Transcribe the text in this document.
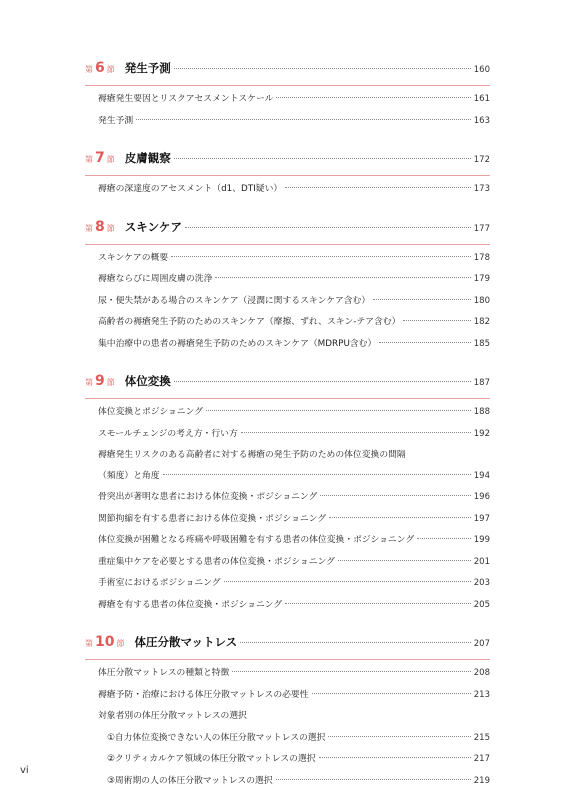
第 6 節 発生予測	160
褥瘡発生要因とリスクアセスメントスケール	161
発生予測	163
第 7 節 皮膚観察	172
褥瘡の深達度のアセスメント（d1、DTI疑い）	173
第 8 節 スキンケア	177
スキンケアの概要	178
褥瘡ならびに周囲皮膚の洗浄	179
尿・便失禁がある場合のスキンケア（浸潤に関するスキンケア含む）	180
高齢者の褥瘡発生予防のためのスキンケア（摩擦、ずれ、スキン-テア含む）	182
集中治療中の患者の褥瘡発生予防のためのスキンケア（MDRPU含む）	185
第 9 節 体位変換	187
体位変換とポジショニング	188
スモールチェンジの考え方・行い方	192
褥瘡発生リスクのある高齢者に対する褥瘡の発生予防のための体位変換の間隔
（頻度）と角度	194
骨突出が著明な患者における体位変換・ポジショニング	196
関節拘縮を有する患者における体位変換・ポジショニング	197
体位変換が困難となる疼痛や呼吸困難を有する患者の体位変換・ポジショニング	199
重症集中ケアを必要とする患者の体位変換・ポジショニング	201
手術室におけるポジショニング	203
褥瘡を有する患者の体位変換・ポジショニング	205
第 10 節 体圧分散マットレス	207
体圧分散マットレスの種類と特徴	208
褥瘡予防・治療における体圧分散マットレスの必要性	213
対象者別の体圧分散マットレスの選択
①自力体位変換できない人の体圧分散マットレスの選択	215
②クリティカルケア領域の体圧分散マットレスの選択	217
③周術期の人の体圧分散マットレスの選択	219
vi
